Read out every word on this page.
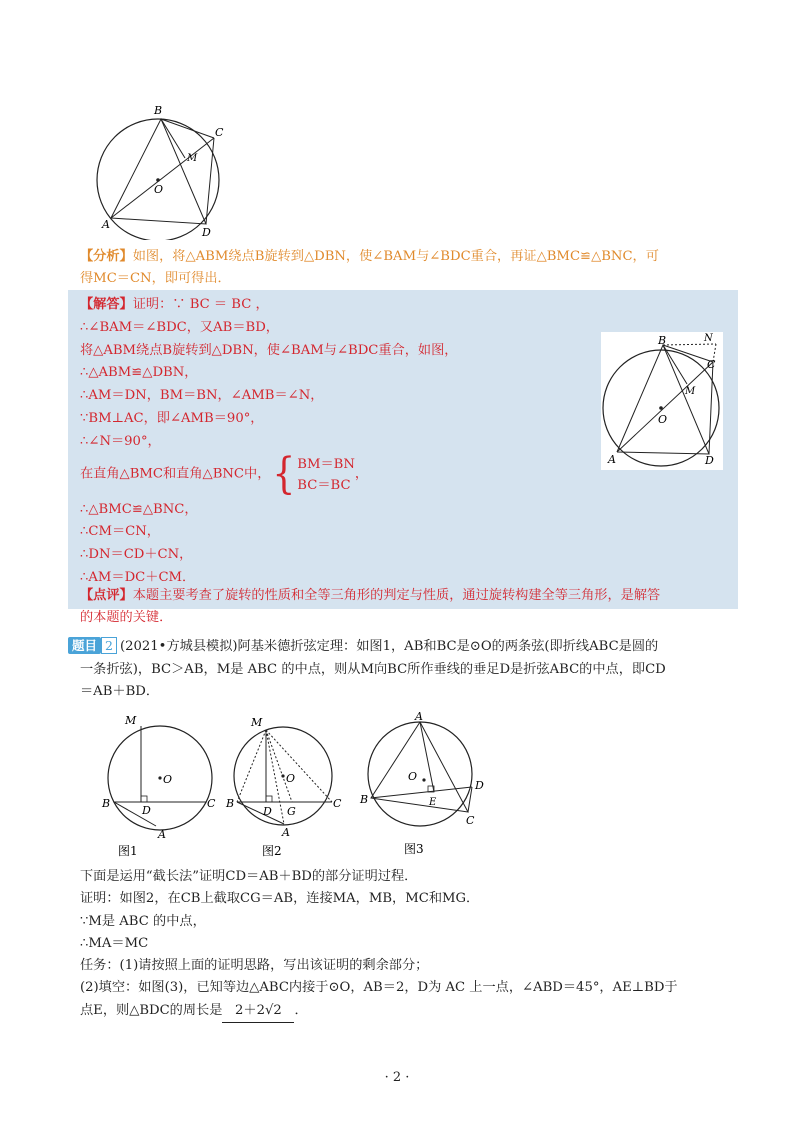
B
C
M
O
A
D
【分析】如图，将△ABM绕点B旋转到△DBN，使∠BAM与∠BDC重合，再证△BMC≌△BNC，可
得MC＝CN，即可得出．
【解答】证明：∵ BC ＝ BC ，
∴∠BAM＝∠BDC，又AB＝BD，
将△ABM绕点B旋转到△DBN，使∠BAM与∠BDC重合，如图，
∴△ABM≌△DBN，
∴AM＝DN，BM＝BN，∠AMB＝∠N，
∵BM⊥AC，即∠AMB＝90°，
∴∠N＝90°，
在直角△BMC和直角△BNC中，{ BM＝BN
BC＝BC
，
∴△BMC≌△BNC，
∴CM＝CN，
∴DN＝CD＋CN，
∴AM＝DC＋CM．
B	N
C
M
O
A	D
【点评】本题主要考查了旋转的性质和全等三角形的判定与性质，通过旋转构建全等三角形，是解答
的本题的关键．
题目 2 (2021•方城县模拟)阿基米德折弦定理：如图1，AB和BC是⊙O的两条弦(即折线ABC是圆的
一条折弦)，BC＞AB，M是 ABC 的中点，则从M向BC所作垂线的垂足D是折弦ABC的中点，即CD
＝AB＋BD．
M
O
B
D
C
A
图1
M
O
B
D G
C
A
图2
A
O
B	E
D
C
图3
下面是运用“截长法”证明CD＝AB＋BD的部分证明过程．
证明：如图2，在CB上截取CG＝AB，连接MA，MB，MC和MG．
∵M是 ABC 的中点，
∴MA＝MC
任务：(1)请按照上面的证明思路，写出该证明的剩余部分；
(2)填空：如图(3)，已知等边△ABC内接于⊙O，AB＝2，D为 AC 上一点，∠ABD＝45°，AE⊥BD于
点E，则△BDC的周长是 2＋2√2 ．
· 2 ·
